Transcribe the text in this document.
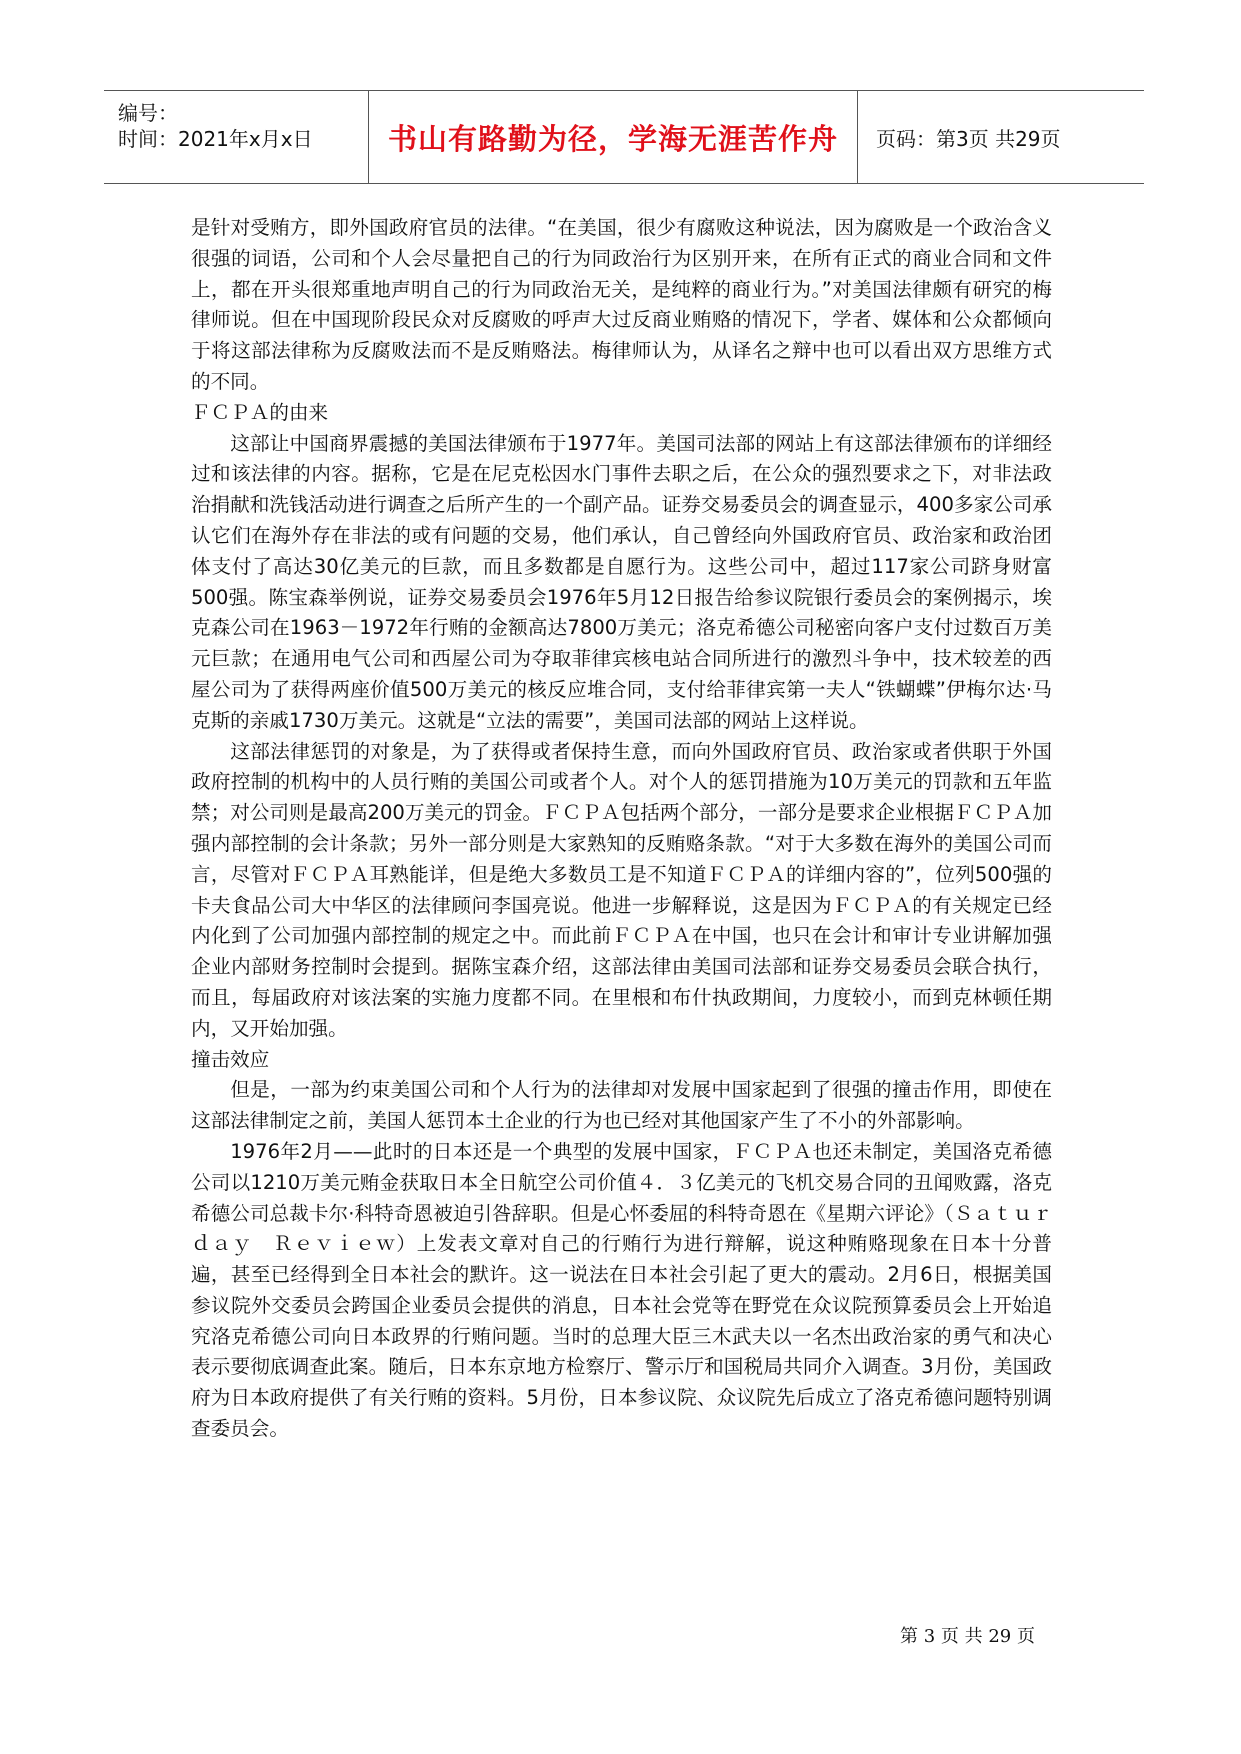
编号：
时间：2021年x月x日	书山有路勤为径，学海无涯苦作舟 页码：第3页 共29页

是针对受贿方，即外国政府官员的法律。“在美国，很少有腐败这种说法，因为腐败是一个政治含义很强的词语，公司和个人会尽量把自己的行为同政治行为区别开来，在所有正式的商业合同和文件上，都在开头很郑重地声明自己的行为同政治无关，是纯粹的商业行为。”对美国法律颇有研究的梅律师说。但在中国现阶段民众对反腐败的呼声大过反商业贿赂的情况下，学者、媒体和公众都倾向于将这部法律称为反腐败法而不是反贿赂法。梅律师认为，从译名之辩中也可以看出双方思维方式的不同。

ＦＣＰＡ的由来

这部让中国商界震撼的美国法律颁布于1977年。美国司法部的网站上有这部法律颁布的详细经过和该法律的内容。据称，它是在尼克松因水门事件去职之后，在公众的强烈要求之下，对非法政治捐献和洗钱活动进行调查之后所产生的一个副产品。证券交易委员会的调查显示，400多家公司承认它们在海外存在非法的或有问题的交易，他们承认，自己曾经向外国政府官员、政治家和政治团体支付了高达30亿美元的巨款，而且多数都是自愿行为。这些公司中，超过117家公司跻身财富500强。陈宝森举例说，证券交易委员会1976年5月12日报告给参议院银行委员会的案例揭示，埃克森公司在1963－1972年行贿的金额高达7800万美元；洛克希德公司秘密向客户支付过数百万美元巨款；在通用电气公司和西屋公司为夺取菲律宾核电站合同所进行的激烈斗争中，技术较差的西屋公司为了获得两座价值500万美元的核反应堆合同，支付给菲律宾第一夫人“铁蝴蝶”伊梅尔达·马克斯的亲戚1730万美元。这就是“立法的需要”，美国司法部的网站上这样说。

这部法律惩罚的对象是，为了获得或者保持生意，而向外国政府官员、政治家或者供职于外国政府控制的机构中的人员行贿的美国公司或者个人。对个人的惩罚措施为10万美元的罚款和五年监禁；对公司则是最高200万美元的罚金。ＦＣＰＡ包括两个部分，一部分是要求企业根据ＦＣＰＡ加强内部控制的会计条款；另外一部分则是大家熟知的反贿赂条款。“对于大多数在海外的美国公司而言，尽管对ＦＣＰＡ耳熟能详，但是绝大多数员工是不知道ＦＣＰＡ的详细内容的”，位列500强的卡夫食品公司大中华区的法律顾问李国亮说。他进一步解释说，这是因为ＦＣＰＡ的有关规定已经内化到了公司加强内部控制的规定之中。而此前ＦＣＰＡ在中国，也只在会计和审计专业讲解加强企业内部财务控制时会提到。据陈宝森介绍，这部法律由美国司法部和证券交易委员会联合执行，而且，每届政府对该法案的实施力度都不同。在里根和布什执政期间，力度较小，而到克林顿任期内，又开始加强。

撞击效应

但是，一部为约束美国公司和个人行为的法律却对发展中国家起到了很强的撞击作用，即使在这部法律制定之前，美国人惩罚本土企业的行为也已经对其他国家产生了不小的外部影响。

1976年2月——此时的日本还是一个典型的发展中国家，ＦＣＰＡ也还未制定，美国洛克希德公司以1210万美元贿金获取日本全日航空公司价值４．３亿美元的飞机交易合同的丑闻败露，洛克希德公司总裁卡尔·科特奇恩被迫引咎辞职。但是心怀委屈的科特奇恩在《星期六评论》（Ｓａｔｕｒｄａｙ　Ｒｅｖｉｅｗ）上发表文章对自己的行贿行为进行辩解，说这种贿赂现象在日本十分普遍，甚至已经得到全日本社会的默许。这一说法在日本社会引起了更大的震动。2月6日，根据美国参议院外交委员会跨国企业委员会提供的消息，日本社会党等在野党在众议院预算委员会上开始追究洛克希德公司向日本政界的行贿问题。当时的总理大臣三木武夫以一名杰出政治家的勇气和决心表示要彻底调查此案。随后，日本东京地方检察厅、警示厅和国税局共同介入调查。3月份，美国政府为日本政府提供了有关行贿的资料。5月份，日本参议院、众议院先后成立了洛克希德问题特别调查委员会。

第 3 页 共 29 页
